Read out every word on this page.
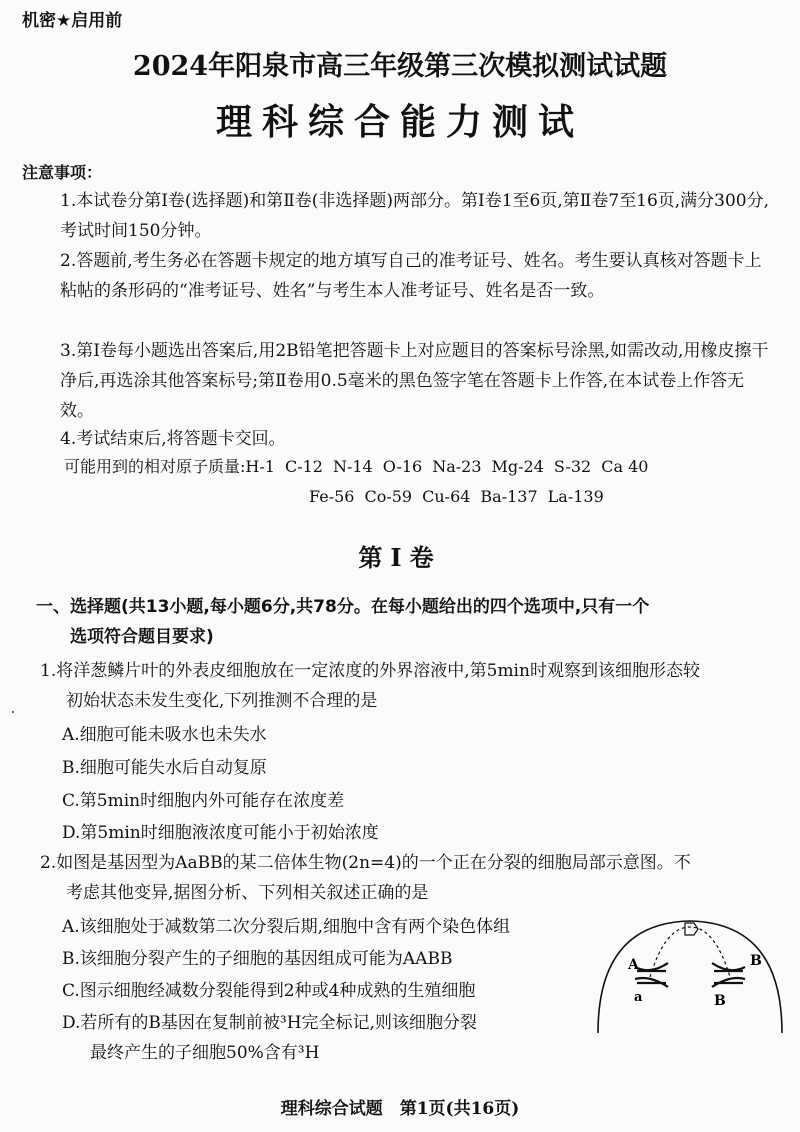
机密★启用前
2024年阳泉市高三年级第三次模拟测试试题
理科综合能力测试
注意事项：
1.本试卷分第Ⅰ卷(选择题)和第Ⅱ卷(非选择题)两部分。第Ⅰ卷1至6页,第Ⅱ卷7至16页,满分300分,考试时间150分钟。
2.答题前,考生务必在答题卡规定的地方填写自己的准考证号、姓名。考生要认真核对答题卡上粘帖的条形码的“准考证号、姓名”与考生本人准考证号、姓名是否一致。
3.第Ⅰ卷每小题选出答案后,用2B铅笔把答题卡上对应题目的答案标号涂黑,如需改动,用橡皮擦干净后,再选涂其他答案标号;第Ⅱ卷用0.5毫米的黑色签字笔在答题卡上作答,在本试卷上作答无效。
4.考试结束后,将答题卡交回。
可能用到的相对原子质量:H-1 C-12 N-14 O-16 Na-23 Mg-24 S-32 Ca 40
Fe-56 Co-59 Cu-64 Ba-137 La-139
第Ⅰ卷
一、选择题(共13小题,每小题6分,共78分。在每小题给出的四个选项中,只有一个
选项符合题目要求)
1.将洋葱鳞片叶的外表皮细胞放在一定浓度的外界溶液中,第5min时观察到该细胞形态较
初始状态未发生变化,下列推测不合理的是
A.细胞可能未吸水也未失水
B.细胞可能失水后自动复原
C.第5min时细胞内外可能存在浓度差
D.第5min时细胞液浓度可能小于初始浓度
2.如图是基因型为AaBB的某二倍体生物(2n=4)的一个正在分裂的细胞局部示意图。不
考虑其他变异,据图分析、下列相关叙述正确的是
A.该细胞处于减数第二次分裂后期,细胞中含有两个染色体组
B.该细胞分裂产生的子细胞的基因组成可能为AABB
C.图示细胞经减数分裂能得到2种或4种成熟的生殖细胞
D.若所有的B基因在复制前被³H完全标记,则该细胞分裂
最终产生的子细胞50%含有³H
A
a
B
B
理科综合试题　第1页(共16页)
